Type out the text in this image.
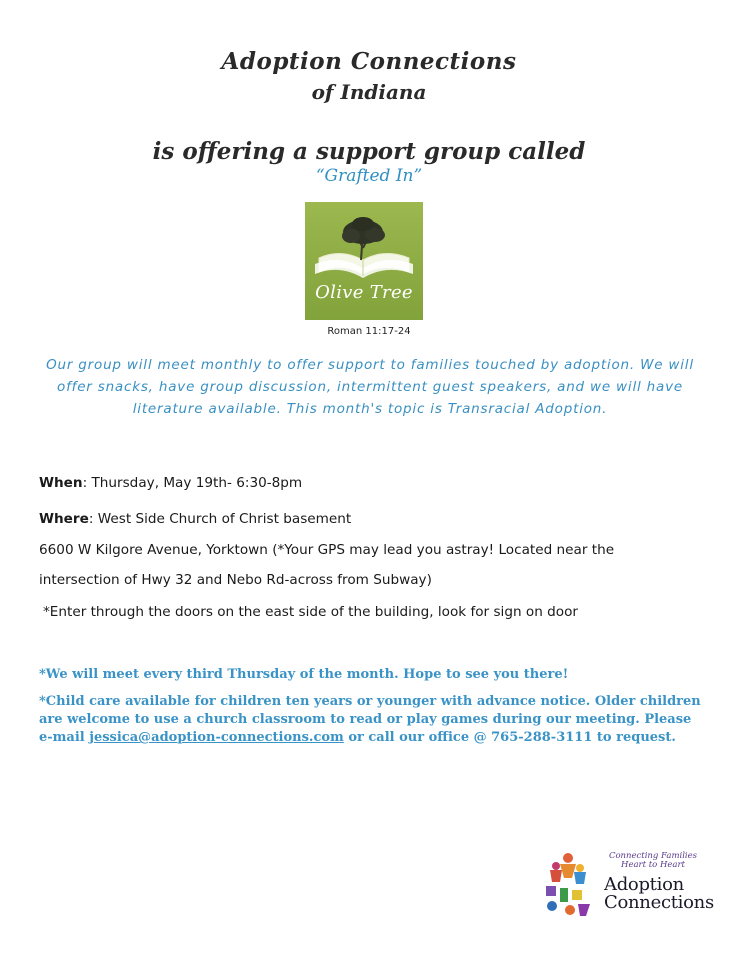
Adoption Connections
of Indiana
is offering a support group called
“Grafted In”
Olive Tree
Roman 11:17-24

Our group will meet monthly to offer support to families touched by adoption. We will offer snacks, have group discussion, intermittent guest speakers, and we will have literature available. This month's topic is Transracial Adoption.

When: Thursday, May 19th- 6:30-8pm
Where: West Side Church of Christ basement
6600 W Kilgore Avenue, Yorktown (*Your GPS may lead you astray! Located near the
intersection of Hwy 32 and Nebo Rd-across from Subway)
*Enter through the doors on the east side of the building, look for sign on door
*We will meet every third Thursday of the month. Hope to see you there!
*Child care available for children ten years or younger with advance notice. Older children are welcome to use a church classroom to read or play games during our meeting. Please e-mail jessica@adoption-connections.com or call our office @ 765-288-3111 to request.
Connecting Families
Heart to Heart
Adoption
Connections
